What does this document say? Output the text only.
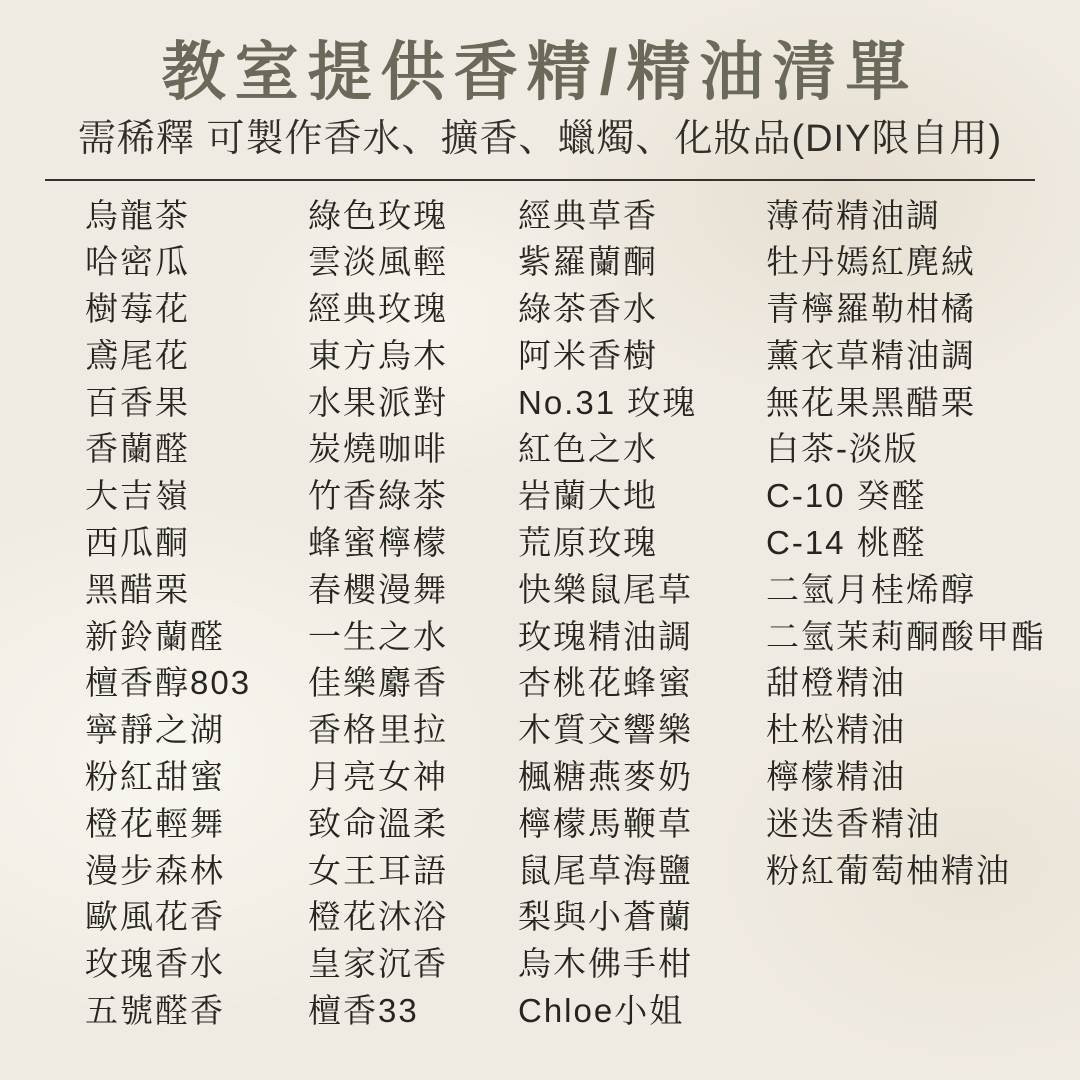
教室提供香精/精油清單

需稀釋 可製作香水、擴香、蠟燭、化妝品(DIY限自用)

烏龍茶
哈密瓜
樹莓花
鳶尾花
百香果
香蘭醛
大吉嶺
西瓜酮
黑醋栗
新鈴蘭醛
檀香醇803
寧靜之湖
粉紅甜蜜
橙花輕舞
漫步森林
歐風花香
玫瑰香水
五號醛香
綠色玫瑰
雲淡風輕
經典玫瑰
東方烏木
水果派對
炭燒咖啡
竹香綠茶
蜂蜜檸檬
春櫻漫舞
一生之水
佳樂麝香
香格里拉
月亮女神
致命溫柔
女王耳語
橙花沐浴
皇家沉香
檀香33
經典草香
紫羅蘭酮
綠茶香水
阿米香樹
No.31 玫瑰
紅色之水
岩蘭大地
荒原玫瑰
快樂鼠尾草
玫瑰精油調
杏桃花蜂蜜
木質交響樂
楓糖燕麥奶
檸檬馬鞭草
鼠尾草海鹽
梨與小蒼蘭
烏木佛手柑
Chloe小姐
薄荷精油調
牡丹嫣紅麂絨
青檸羅勒柑橘
薰衣草精油調
無花果黑醋栗
白茶-淡版
C-10 癸醛
C-14 桃醛
二氫月桂烯醇
二氫茉莉酮酸甲酯
甜橙精油
杜松精油
檸檬精油
迷迭香精油
粉紅葡萄柚精油
